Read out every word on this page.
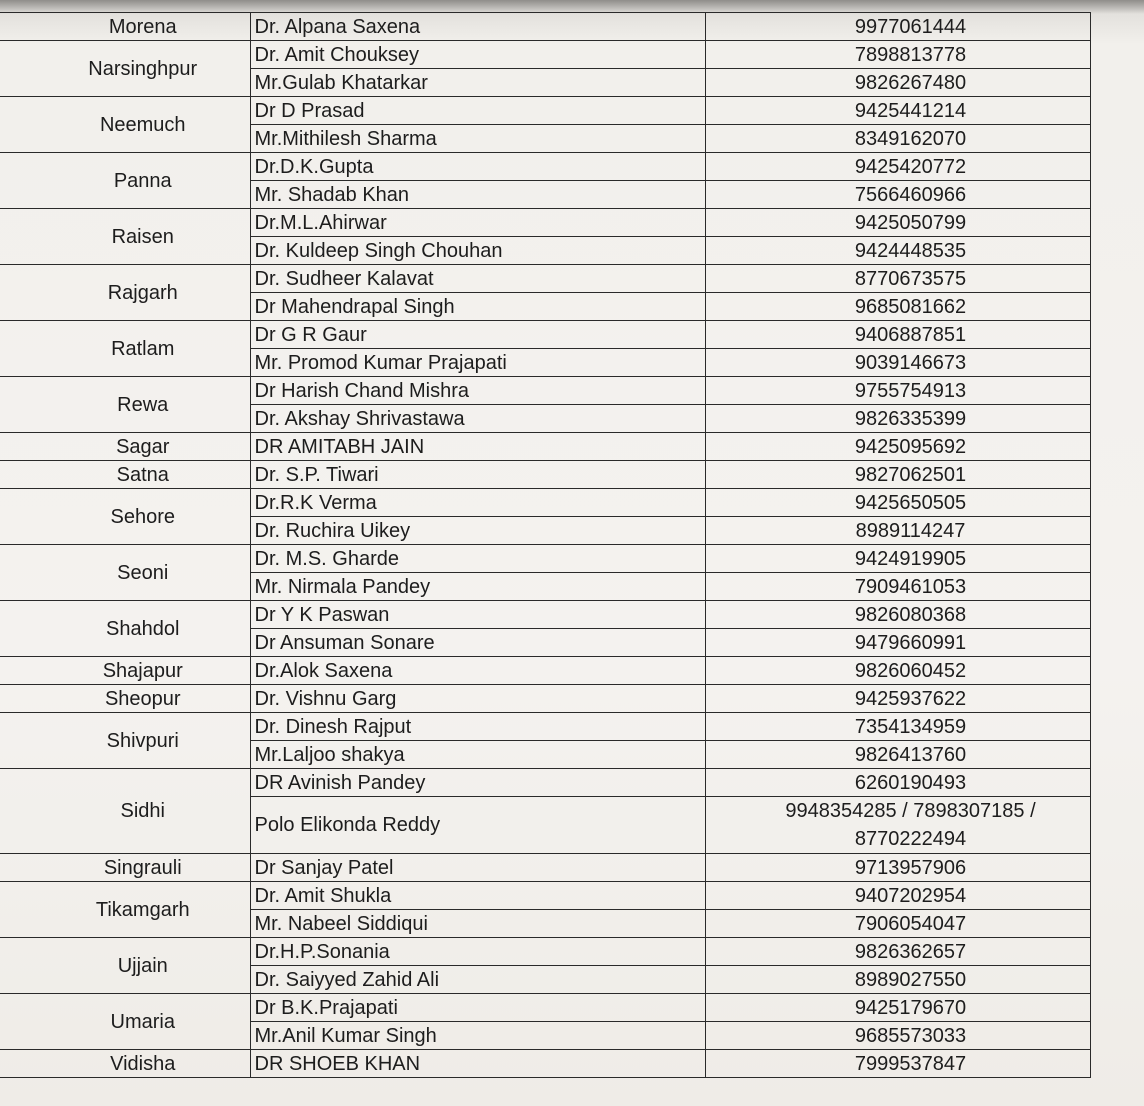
Morena	Dr. Alpana Saxena	9977061444
Narsinghpur	Dr. Amit Chouksey	7898813778
	Mr.Gulab Khatarkar	9826267480
Neemuch	Dr D Prasad	9425441214
	Mr.Mithilesh Sharma	8349162070
Panna	Dr.D.K.Gupta	9425420772
	Mr. Shadab Khan	7566460966
Raisen	Dr.M.L.Ahirwar	9425050799
	Dr. Kuldeep Singh Chouhan	9424448535
Rajgarh	Dr. Sudheer Kalavat	8770673575
	Dr Mahendrapal Singh	9685081662
Ratlam	Dr G R Gaur	9406887851
	Mr. Promod Kumar Prajapati	9039146673
Rewa	Dr Harish Chand Mishra	9755754913
	Dr. Akshay Shrivastawa	9826335399
Sagar	DR AMITABH JAIN	9425095692
Satna	Dr. S.P. Tiwari	9827062501
Sehore	Dr.R.K Verma	9425650505
	Dr. Ruchira Uikey	8989114247
Seoni	Dr. M.S. Gharde	9424919905
	Mr. Nirmala Pandey	7909461053
Shahdol	Dr Y K Paswan	9826080368
	Dr Ansuman Sonare	9479660991
Shajapur	Dr.Alok Saxena	9826060452
Sheopur	Dr. Vishnu Garg	9425937622
Shivpuri	Dr. Dinesh Rajput	7354134959
	Mr.Laljoo shakya	9826413760
Sidhi	DR Avinish Pandey	6260190493
	Polo Elikonda Reddy	9948354285 / 7898307185 / 8770222494
Singrauli	Dr Sanjay Patel	9713957906
Tikamgarh	Dr. Amit Shukla	9407202954
	Mr. Nabeel Siddiqui	7906054047
Ujjain	Dr.H.P.Sonania	9826362657
	Dr. Saiyyed Zahid Ali	8989027550
Umaria	Dr B.K.Prajapati	9425179670
	Mr.Anil Kumar Singh	9685573033
Vidisha	DR SHOEB KHAN	7999537847
